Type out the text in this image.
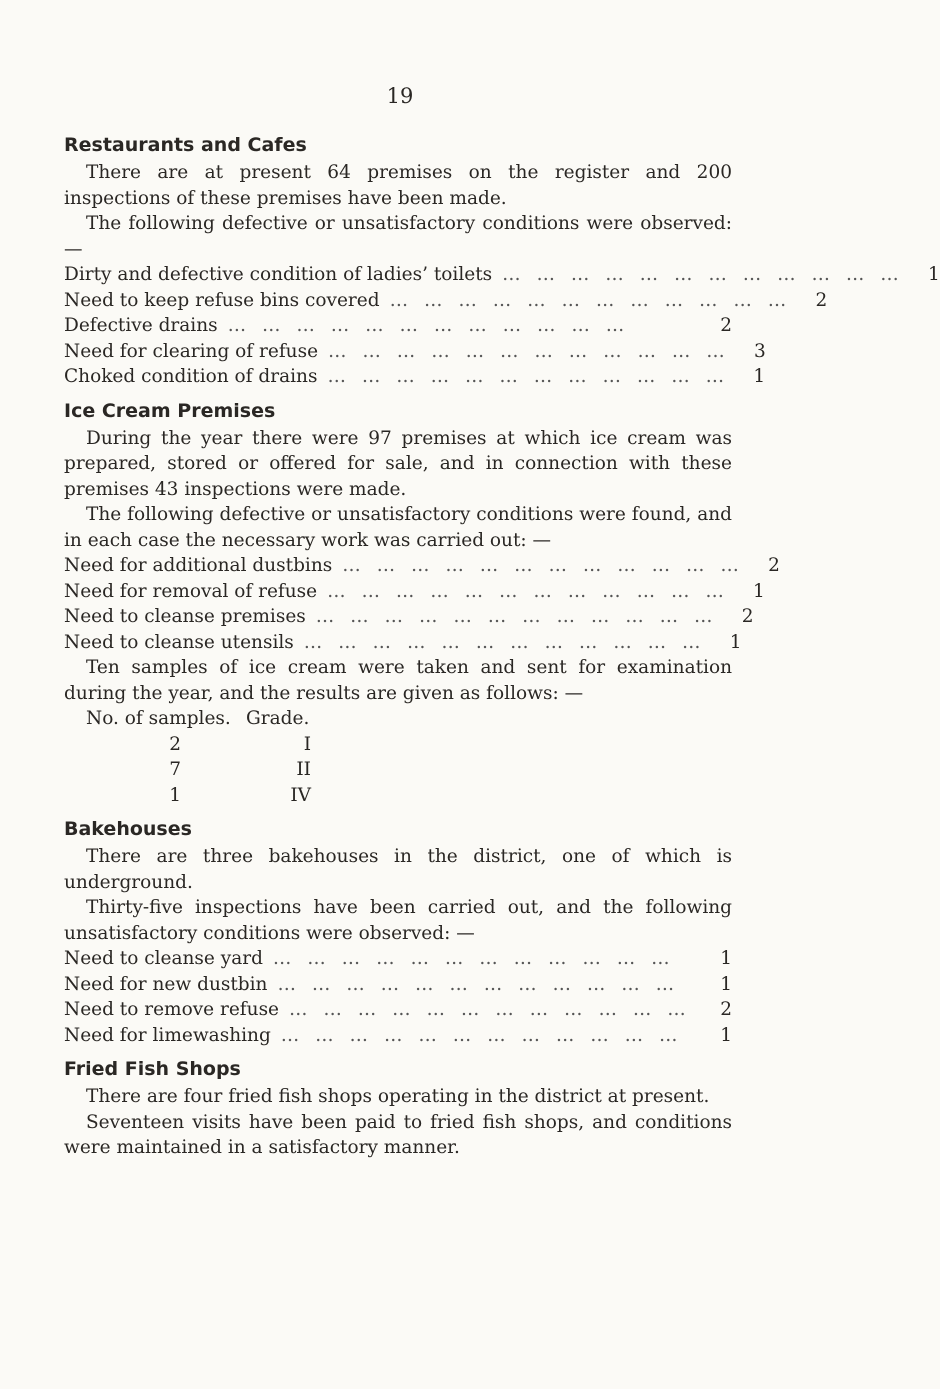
19
Restaurants and Cafes

There are at present 64 premises on the register and 200 inspections of these premises have been made.

The following defective or unsatisfactory conditions were observed: —

Dirty and defective condition of ladies’ toilets … … … … … … … … … … … …	1
Need to keep refuse bins covered … … … … … … … … … … … …	2
Defective drains … … … … … … … … … … … …	2
Need for clearing of refuse … … … … … … … … … … … …	3
Choked condition of drains … … … … … … … … … … … …	1
Ice Cream Premises

During the year there were 97 premises at which ice cream was prepared, stored or offered for sale, and in connection with these premises 43 inspections were made.

The following defective or unsatisfactory conditions were found, and in each case the necessary work was carried out: —

Need for additional dustbins … … … … … … … … … … … …	2
Need for removal of refuse … … … … … … … … … … … …	1
Need to cleanse premises … … … … … … … … … … … …	2
Need to cleanse utensils … … … … … … … … … … … …	1

Ten samples of ice cream were taken and sent for examination during the year, and the results are given as follows: —

No. of samples. Grade.
2	I
7	II
1	IV
Bakehouses

There are three bakehouses in the district, one of which is underground.

Thirty-five inspections have been carried out, and the following unsatisfactory conditions were observed: —

Need to cleanse yard … … … … … … … … … … … …	1
Need for new dustbin … … … … … … … … … … … …	1
Need to remove refuse … … … … … … … … … … … …	2
Need for limewashing … … … … … … … … … … … …	1
Fried Fish Shops

There are four fried fish shops operating in the district at present.

Seventeen visits have been paid to fried fish shops, and conditions were maintained in a satisfactory manner.
